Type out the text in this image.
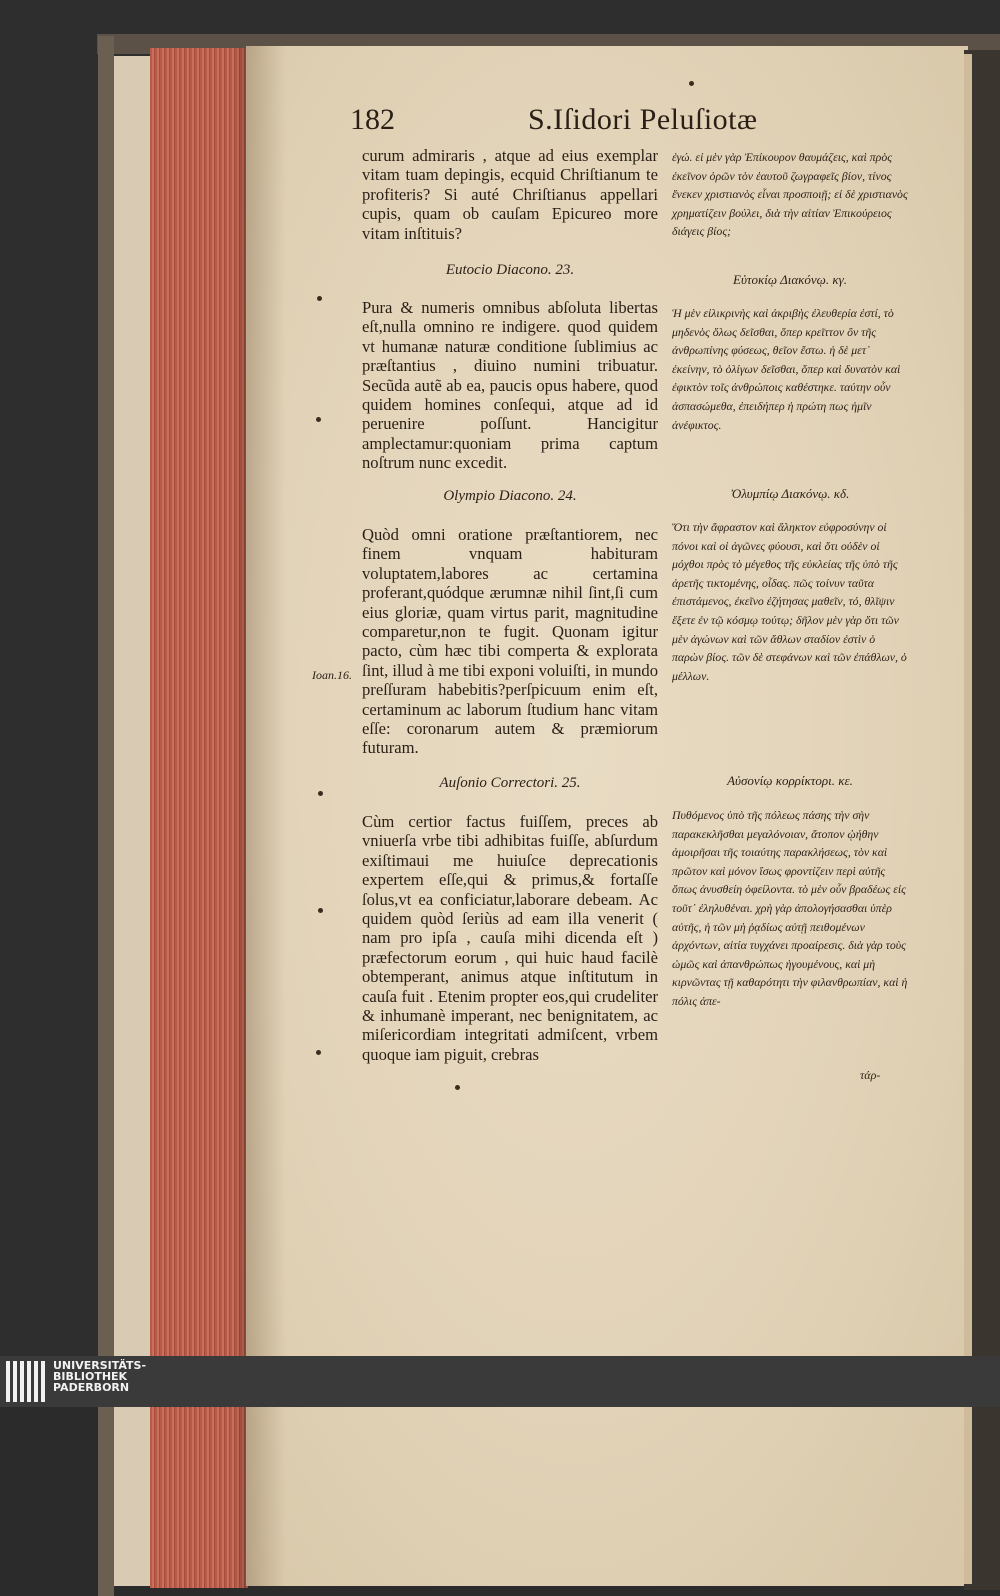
182	S.Iſidori Peluſiotæ

curum admiraris , atque ad eius exemplar vitam tuam depingis, ecquid Chriſtianum te profiteris? Si auté Chriſtianus appellari cupis, quam ob cauſam Epicureo more vitam inſtituis?

Eutocio Diacono. 23.

Pura & numeris omnibus abſoluta libertas eſt,nulla omnino re indigere. quod quidem vt humanæ naturæ conditione ſublimius ac præſtantius , diuino numini tribuatur. Secũda autẽ ab ea, paucis opus habere, quod quidem homines conſequi, atque ad id peruenire poſſunt. Hancigitur amplectamur:quoniam prima captum noſtrum nunc excedit.

Olympio Diacono. 24.

Quòd omni oratione præſtantiorem, nec finem vnquam habituram voluptatem,labores ac certamina proferant,quódque ærumnæ nihil ſint,ſi cum eius gloriæ, quam virtus parit, magnitudine comparetur,non te fugit. Quonam igitur pacto, cùm hæc tibi comperta & explorata ſint, illud à me tibi exponi voluiſti, in mundo preſſuram habebitis?perſpicuum enim eſt, certaminum ac laborum ſtudium hanc vitam eſſe: coronarum autem & præmiorum futuram.

Ioan.16.
Auſonio Correctori. 25.

Cùm certior factus fuiſſem, preces ab vniuerſa vrbe tibi adhibitas fuiſſe, abſurdum exiſtimaui me huiuſce deprecationis expertem eſſe,qui & primus,& fortaſſe ſolus,vt ea conficiatur,laborare debeam. Ac quidem quòd ſeriùs ad eam illa venerit ( nam pro ipſa , cauſa mihi dicenda eſt ) præfectorum eorum , qui huic haud facilè obtemperant, animus atque inſtitutum in cauſa fuit . Etenim propter eos,qui crudeliter & inhumanè imperant, nec benignitatem, ac miſericordiam integritati admiſcent, vrbem quoque iam piguit, crebras

ἐγώ. εἰ μὲν γὰρ Ἐπίκουρον θαυμάζεις, καὶ πρὸς ἐκεῖνον ὁρῶν τὸν ἑαυτοῦ ζωγραφεῖς βίον, τίνος ἕνεκεν χριστιανὸς εἶναι προσποιῇ; εἰ δὲ χριστιανὸς χρηματίζειν βούλει, διὰ τὴν αἰτίαν Ἐπικούρειος διάγεις βίος;

Εὐτοκίῳ Διακόνῳ. κγ.

Ἡ μὲν εἰλικρινὴς καὶ ἀκριβὴς ἐλευθερία ἐστί, τὸ μηδενὸς ὅλως δεῖσθαι, ὅπερ κρεῖττον ὂν τῆς ἀνθρωπίνης φύσεως, θεῖον ἔστω. ἡ δὲ μετ᾽ ἐκείνην, τὸ ὀλίγων δεῖσθαι, ὅπερ καὶ δυνατὸν καὶ ἐφικτὸν τοῖς ἀνθρώποις καθέστηκε. ταύτην οὖν ἀσπασώμεθα, ἐπειδήπερ ἡ πρώτη πως ἡμῖν ἀνέφικτος.

Ὀλυμπίῳ Διακόνῳ. κδ.

Ὅτι τὴν ἄφραστον καὶ ἄληκτον εὐφροσύνην οἱ πόνοι καὶ οἱ ἀγῶνες φύουσι, καὶ ὅτι οὐδὲν οἱ μόχθοι πρὸς τὸ μέγεθος τῆς εὐκλείας τῆς ὑπὸ τῆς ἀρετῆς τικτομένης, οἶδας. πῶς τοίνυν ταῦτα ἐπιστάμενος, ἐκεῖνο ἐζήτησας μαθεῖν, τό, θλῖψιν ἕξετε ἐν τῷ κόσμῳ τούτῳ; δῆλον μὲν γὰρ ὅτι τῶν μὲν ἀγώνων καὶ τῶν ἄθλων σταδίον ἐστὶν ὁ παρὼν βίος. τῶν δὲ στεφάνων καὶ τῶν ἐπάθλων, ὁ μέλλων.

Αὐσονίῳ κορρίκτορι. κε.

Πυθόμενος ὑπὸ τῆς πόλεως πάσης τὴν σὴν παρακεκλῆσθαι μεγαλόνοιαν, ἄτοπον ᾠήθην ἀμοιρῆσαι τῆς τοιαύτης παρακλήσεως, τὸν καὶ πρῶτον καὶ μόνον ἴσως φροντίζειν περὶ αὐτῆς ὅπως ἀνυσθείη ὀφείλοντα. τὸ μὲν οὖν βραδέως εἰς τοῦτ᾽ ἐληλυθέναι. χρὴ γὰρ ἀπολογήσασθαι ὑπὲρ αὐτῆς, ἡ τῶν μὴ ῥᾳδίως αὐτῇ πειθομένων ἀρχόντων, αἰτία τυγχάνει προαίρεσις. διὰ γὰρ τοὺς ὠμῶς καὶ ἀπανθρώπως ἡγουμένους, καὶ μὴ κιρνῶντας τῇ καθαρότητι τὴν φιλανθρωπίαν, καὶ ἡ πόλις ἀπε-

τάρ-
UNIVERSITÄTS-
BIBLIOTHEK
PADERBORN
